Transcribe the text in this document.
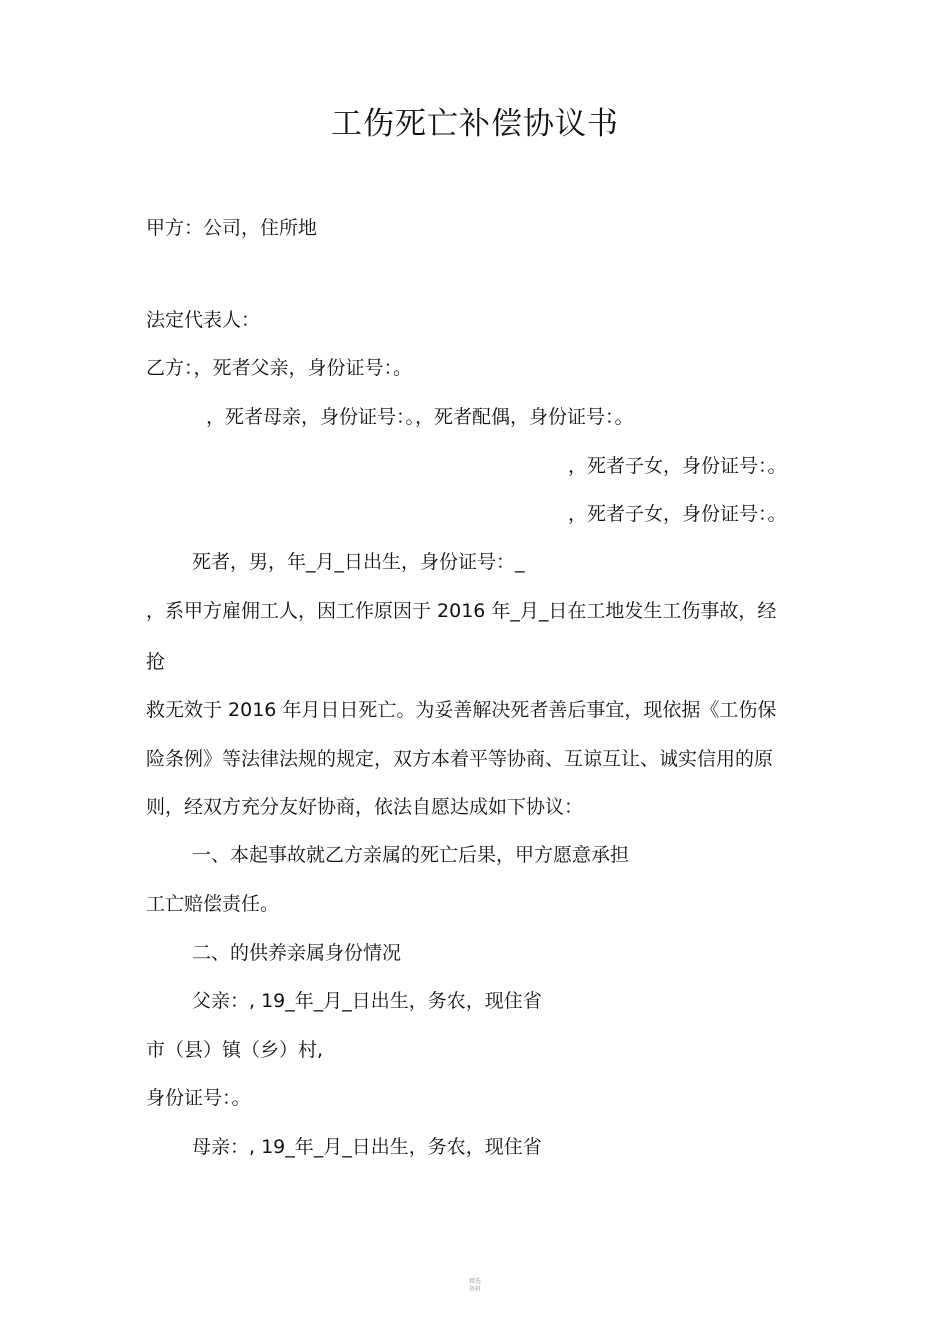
工伤死亡补偿协议书
甲方：公司，住所地
法定代表人：
乙方：，死者父亲，身份证号：。
，死者母亲，身份证号：。，死者配偶，身份证号：。
，死者子女，身份证号：。
，死者子女，身份证号：。
死者，男，年_月_日出生，身份证号：_
，系甲方雇佣工人，因工作原因于 2016 年_月_日在工地发生工伤事故，经
抢
救无效于 2016 年月日日死亡。为妥善解决死者善后事宜，现依据《工伤保
险条例》等法律法规的规定，双方本着平等协商、互谅互让、诚实信用的原
则，经双方充分友好协商，依法自愿达成如下协议：
一、本起事故就乙方亲属的死亡后果，甲方愿意承担
工亡赔偿责任。
二、的供养亲属身份情况
父亲：, 19_年_月_日出生，务农，现住省
市（县）镇（乡）村,
身份证号：。
母亲：, 19_年_月_日出生，务农，现住省
精选
资料
